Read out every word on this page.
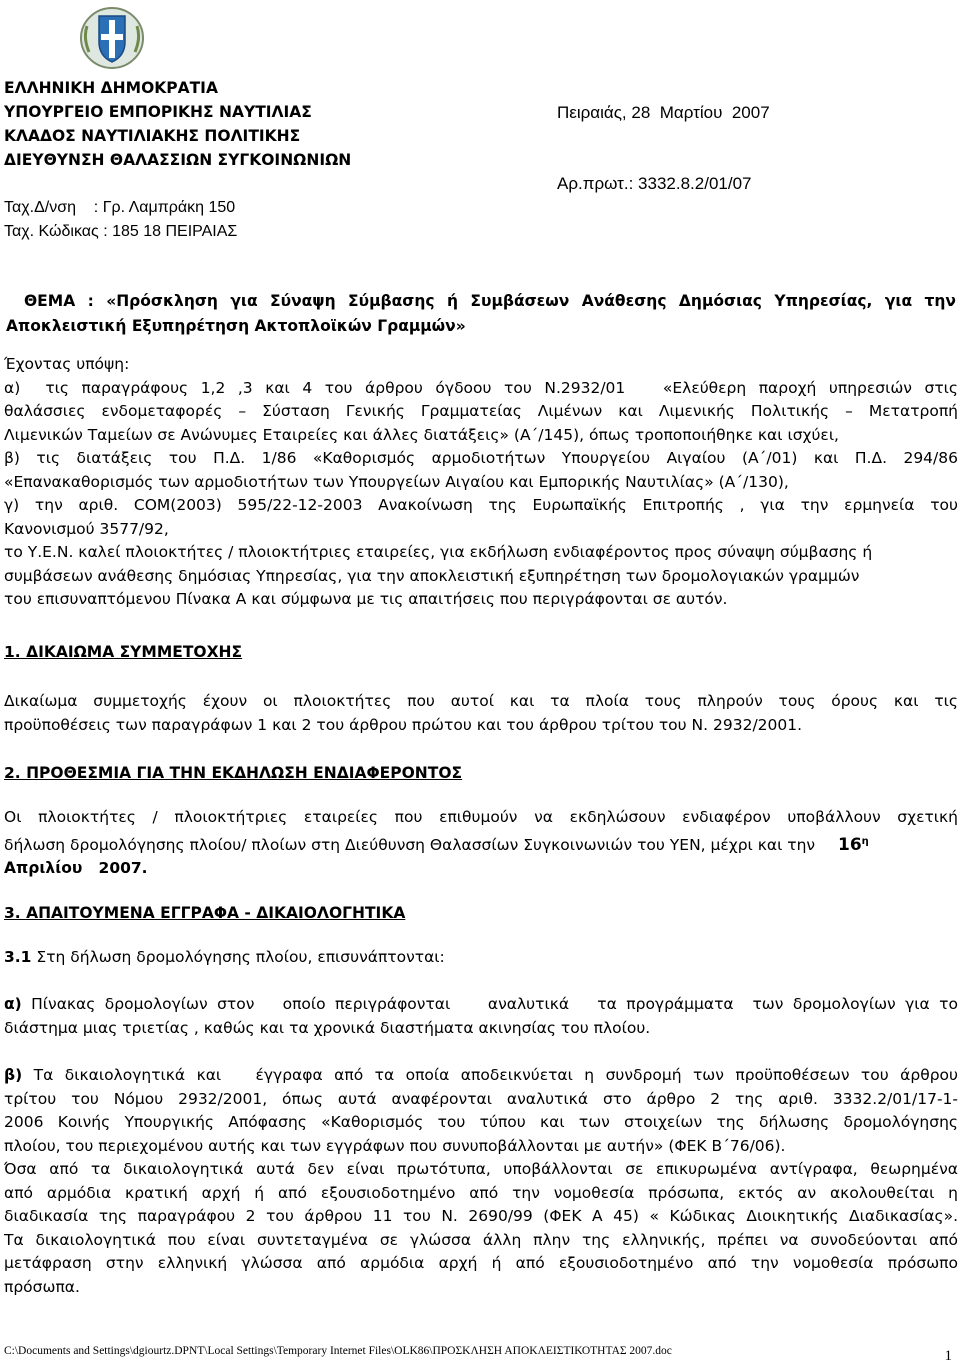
ΕΛΛΗΝΙΚΗ ΔΗΜΟΚΡΑΤΙΑ
ΥΠΟΥΡΓΕΙΟ ΕΜΠΟΡΙΚΗΣ ΝΑΥΤΙΛΙΑΣ
ΚΛΑΔΟΣ ΝΑΥΤΙΛΙΑΚΗΣ ΠΟΛΙΤΙΚΗΣ
ΔΙΕΥΘΥΝΣΗ ΘΑΛΑΣΣΙΩΝ ΣΥΓΚΟΙΝΩΝΙΩΝ
Ταχ.Δ/νση    : Γρ. Λαμπράκη 150
Ταχ. Κώδικας : 185 18 ΠΕΙΡΑΙΑΣ
Πειραιάς, 28  Μαρτίου  2007
Αρ.πρωτ.: 3332.8.2/01/07
ΘΕΜΑ : «Πρόσκληση για Σύναψη Σύμβασης ή Συμβάσεων Ανάθεσης Δημόσιας Υπηρεσίας, για την
Αποκλειστική Εξυπηρέτηση Ακτοπλοϊκών Γραμμών»
Έχοντας υπόψη:
α)  τις παραγράφους 1,2 ,3 και 4 του άρθρου όγδοου του Ν.2932/01   «Ελεύθερη παροχή υπηρεσιών στις
θαλάσσιες ενδομεταφορές – Σύσταση Γενικής Γραμματείας Λιμένων και Λιμενικής Πολιτικής – Μετατροπή
Λιμενικών Ταμείων σε Ανώνυμες Εταιρείες και άλλες διατάξεις» (Α΄/145), όπως τροποποιήθηκε και ισχύει,
β) τις διατάξεις του Π.Δ. 1/86 «Καθορισμός αρμοδιοτήτων Υπουργείου Αιγαίου (Α΄/01) και Π.Δ. 294/86
«Επανακαθορισμός των αρμοδιοτήτων των Υπουργείων Αιγαίου και Εμπορικής Ναυτιλίας» (Α΄/130),
γ) την αριθ. COM(2003) 595/22-12-2003 Ανακοίνωση της Ευρωπαϊκής Επιτροπής , για την ερμηνεία του
Κανονισμού 3577/92,
το Υ.Ε.Ν. καλεί πλοιοκτήτες / πλοιοκτήτριες εταιρείες, για εκδήλωση ενδιαφέροντος προς σύναψη σύμβασης ή
συμβάσεων ανάθεσης δημόσιας Υπηρεσίας, για την αποκλειστική εξυπηρέτηση των δρομολογιακών γραμμών
του επισυναπτόμενου Πίνακα Α και σύμφωνα με τις απαιτήσεις που περιγράφονται σε αυτόν.
1. ΔΙΚΑΙΩΜΑ ΣΥΜΜΕΤΟΧΗΣ
Δικαίωμα συμμετοχής έχουν οι πλοιοκτήτες που αυτοί και τα πλοία τους πληρούν τους όρους και τις
προϋποθέσεις των παραγράφων 1 και 2 του άρθρου πρώτου και του άρθρου τρίτου του Ν. 2932/2001.
2. ΠΡΟΘΕΣΜΙΑ ΓΙΑ ΤΗΝ ΕΚΔΗΛΩΣΗ ΕΝΔΙΑΦΕΡΟΝΤΟΣ
Οι πλοιοκτήτες / πλοιοκτήτριες εταιρείες που επιθυμούν να εκδηλώσουν ενδιαφέρον υποβάλλουν σχετική
δήλωση δρομολόγησης πλοίου/ πλοίων στη Διεύθυνση Θαλασσίων Συγκοινωνιών του ΥΕΝ, μέχρι και την $16^\eta$
Απριλίου   2007.
3. ΑΠΑΙΤΟΥΜΕΝΑ ΕΓΓΡΑΦΑ - ΔΙΚΑΙΟΛΟΓΗΤΙΚΑ
3.1 Στη δήλωση δρομολόγησης πλοίου, επισυνάπτονται:
α) Πίνακας δρομολογίων στον   οποίο περιγράφονται    αναλυτικά   τα προγράμματα  των δρομολογίων για το
διάστημα μιας τριετίας , καθώς και τα χρονικά διαστήματα ακινησίας του πλοίου.
β) Τα δικαιολογητικά και   έγγραφα από τα οποία αποδεικνύεται η συνδρομή των προϋποθέσεων του άρθρου
τρίτου του Νόμου 2932/2001, όπως αυτά αναφέρονται αναλυτικά στο άρθρο 2 της αριθ. 3332.2/01/17-1-
2006 Κοινής Υπουργικής Απόφασης «Καθορισμός του τύπου και των στοιχείων της δήλωσης δρομολόγησης
πλοίου, του περιεχομένου αυτής και των εγγράφων που συνυποβάλλονται με αυτήν» (ΦΕΚ Β΄76/06).
Όσα από τα δικαιολογητικά αυτά δεν είναι πρωτότυπα, υποβάλλονται σε επικυρωμένα αντίγραφα, θεωρημένα
από αρμόδια κρατική αρχή ή από εξουσιοδοτημένο από την νομοθεσία πρόσωπα, εκτός αν ακολουθείται η
διαδικασία της παραγράφου 2 του άρθρου 11 του Ν. 2690/99 (ΦΕΚ Α 45) « Κώδικας Διοικητικής Διαδικασίας».
Τα δικαιολογητικά που είναι συντεταγμένα σε γλώσσα άλλη πλην της ελληνικής, πρέπει να συνοδεύονται από
μετάφραση στην ελληνική γλώσσα από αρμόδια αρχή ή από εξουσιοδοτημένο από την νομοθεσία πρόσωπο
πρόσωπα.
C:\Documents and Settings\dgiourtz.DPNT\Local Settings\Temporary Internet Files\OLK86\ΠΡΟΣΚΛΗΣΗ ΑΠΟΚΛΕΙΣΤΙΚΟΤΗΤΑΣ 2007.doc	1
